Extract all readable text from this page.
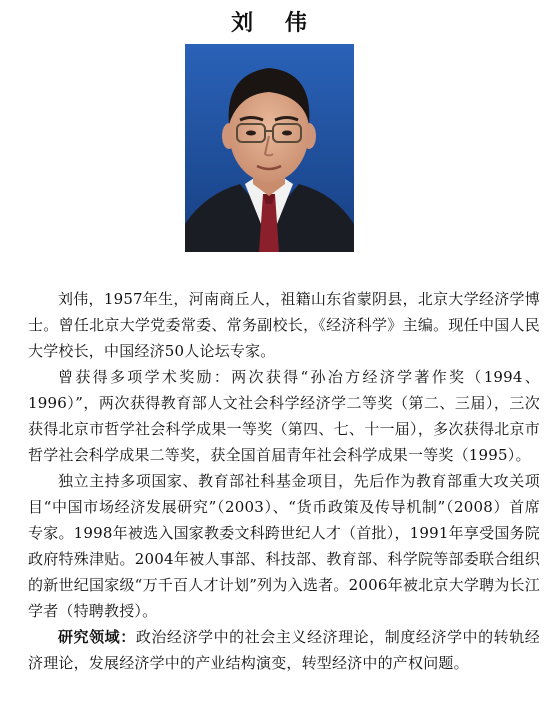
刘 伟

刘伟，1957年生，河南商丘人，祖籍山东省蒙阴县，北京大学经济学博士。曾任北京大学党委常委、常务副校长，《经济科学》主编。现任中国人民大学校长，中国经济50人论坛专家。

曾获得多项学术奖励：两次获得“孙冶方经济学著作奖（1994、1996）”，两次获得教育部人文社会科学经济学二等奖（第二、三届），三次获得北京市哲学社会科学成果一等奖（第四、七、十一届），多次获得北京市哲学社会科学成果二等奖，获全国首届青年社会科学成果一等奖（1995）。

独立主持多项国家、教育部社科基金项目，先后作为教育部重大攻关项目“中国市场经济发展研究”（2003）、“货币政策及传导机制”（2008）首席专家。1998年被选入国家教委文科跨世纪人才（首批），1991年享受国务院政府特殊津贴。2004年被人事部、科技部、教育部、科学院等部委联合组织的新世纪国家级“万千百人才计划”列为入选者。2006年被北京大学聘为长江学者（特聘教授）。

研究领域：政治经济学中的社会主义经济理论，制度经济学中的转轨经济理论，发展经济学中的产业结构演变，转型经济中的产权问题。
